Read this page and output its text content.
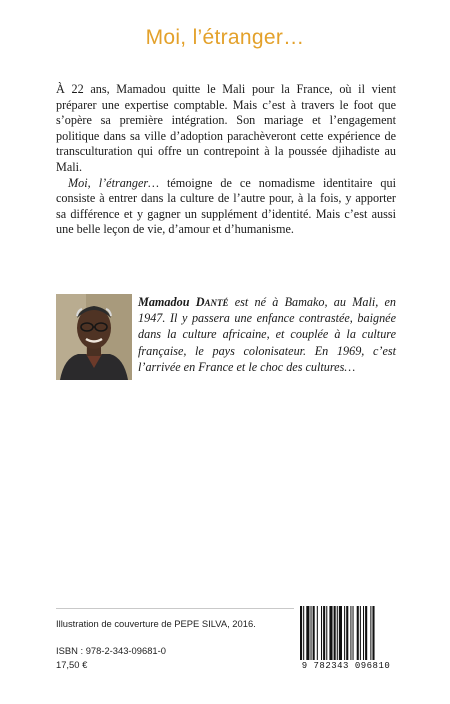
Moi, l’étranger…

À 22 ans, Mamadou quitte le Mali pour la France, où il vient préparer une expertise comptable. Mais c’est à travers le foot que s’opère sa première intégration. Son mariage et l’engagement politique dans sa ville d’adoption parachèveront cette expérience de transculturation qui offre un contrepoint à la poussée djihadiste au Mali.

Moi, l’étranger… témoigne de ce nomadisme identitaire qui consiste à entrer dans la culture de l’autre pour, à la fois, y apporter sa différence et y gagner un supplément d’identité. Mais c’est aussi une belle leçon de vie, d’amour et d’humanisme.

Mamadou Danté est né à Bamako, au Mali, en 1947. Il y passera une enfance contrastée, baignée dans la culture africaine, et couplée à la culture française, le pays colonisateur. En 1969, c’est l’arrivée en France et le choc des cultures…
Illustration de couverture de PEPE SILVA, 2016.
ISBN : 978-2-343-09681-0
17,50 €	9 782343 096810
